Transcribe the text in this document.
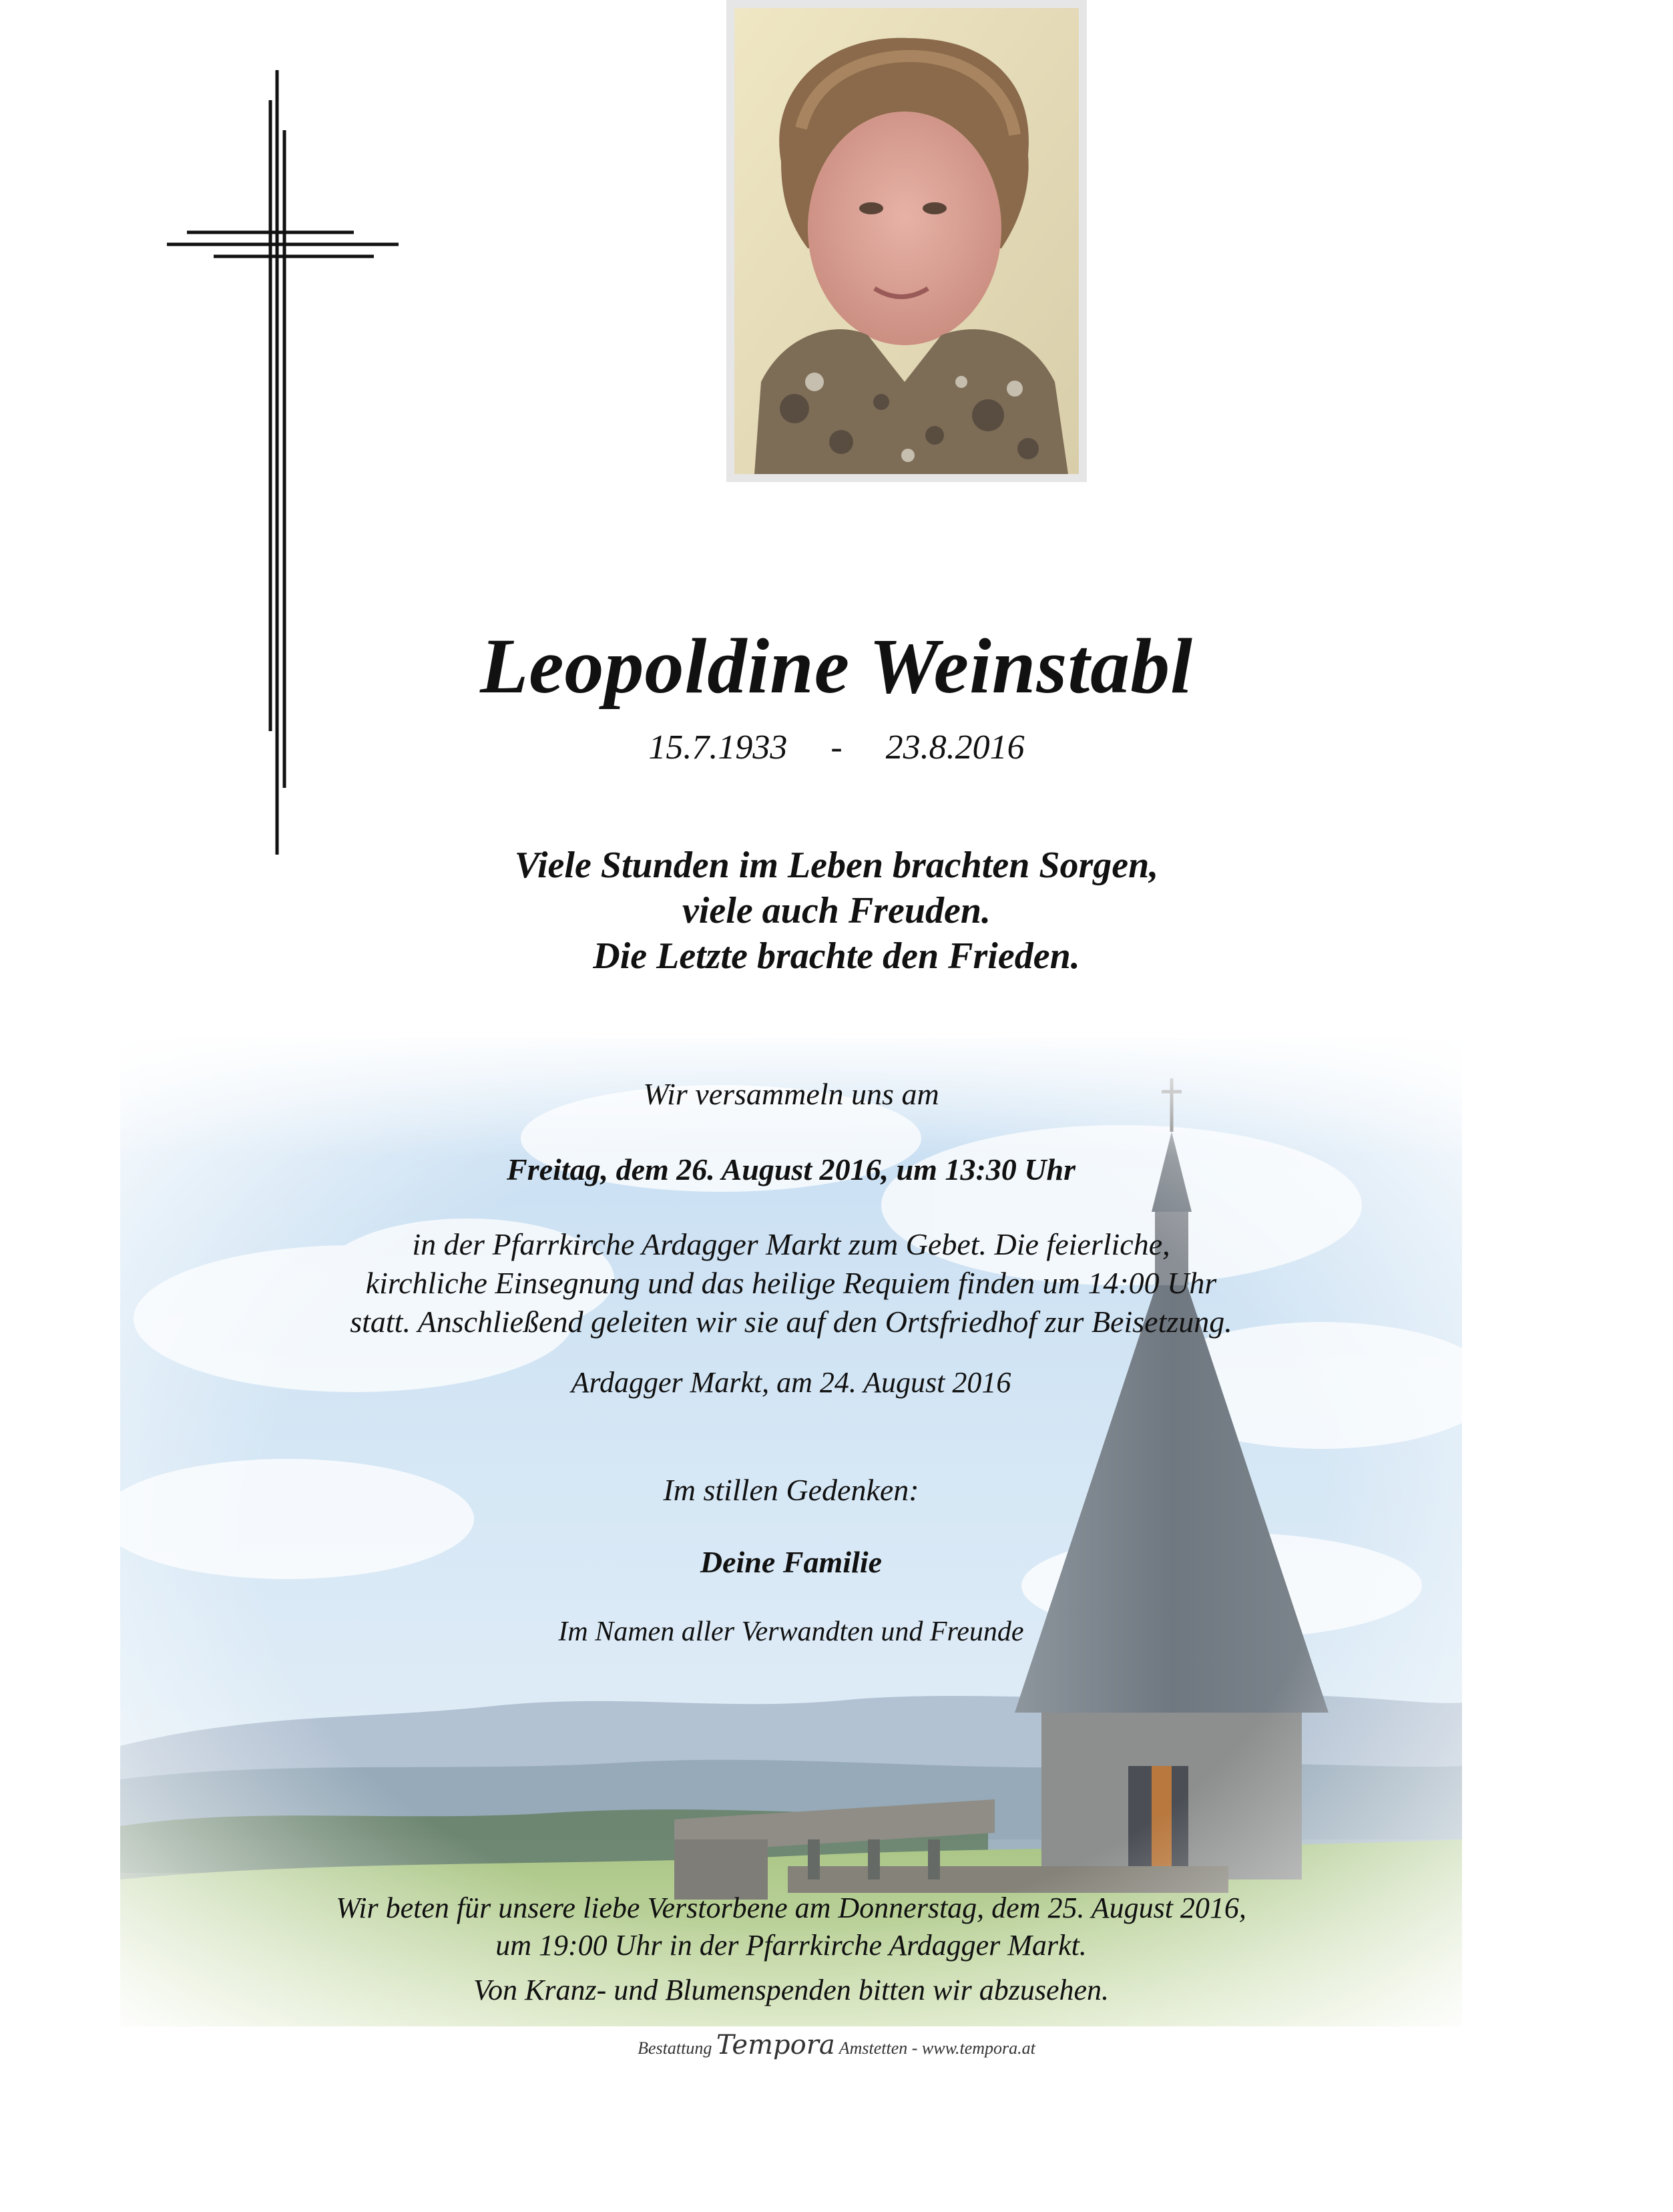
Leopoldine Weinstabl
15.7.1933 - 23.8.2016
Viele Stunden im Leben brachten Sorgen,
viele auch Freuden.
Die Letzte brachte den Frieden.
Wir versammeln uns am
Freitag, dem 26. August 2016, um 13:30 Uhr
in der Pfarrkirche Ardagger Markt zum Gebet. Die feierliche,
kirchliche Einsegnung und das heilige Requiem finden um 14:00 Uhr
statt. Anschließend geleiten wir sie auf den Ortsfriedhof zur Beisetzung.
Ardagger Markt, am 24. August 2016
Im stillen Gedenken:
Deine Familie
Im Namen aller Verwandten und Freunde
Wir beten für unsere liebe Verstorbene am Donnerstag, dem 25. August 2016,
um 19:00 Uhr in der Pfarrkirche Ardagger Markt.
Von Kranz- und Blumenspenden bitten wir abzusehen.
Bestattung Tempora Amstetten - www.tempora.at
